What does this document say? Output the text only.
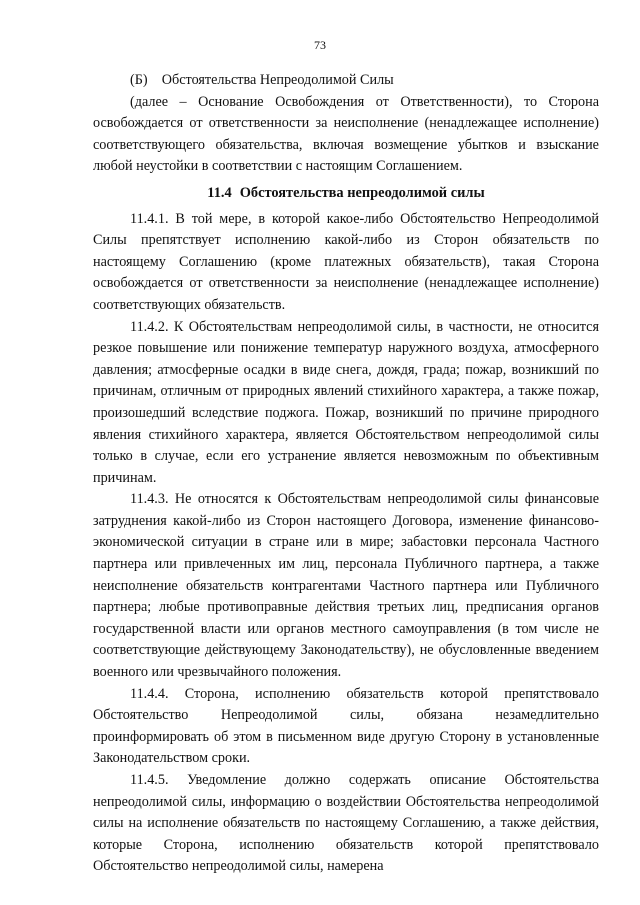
73

(Б) Обстоятельства Непреодолимой Силы

(далее – Основание Освобождения от Ответственности), то Сторона освобождается от ответственности за неисполнение (ненадлежащее исполнение) соответствующего обязательства, включая возмещение убытков и взыскание любой неустойки в соответствии с настоящим Соглашением.

11.4 Обстоятельства непреодолимой силы

11.4.1. В той мере, в которой какое-либо Обстоятельство Непреодолимой Силы препятствует исполнению какой-либо из Сторон обязательств по настоящему Соглашению (кроме платежных обязательств), такая Сторона освобождается от ответственности за неисполнение (ненадлежащее исполнение) соответствующих обязательств.

11.4.2. К Обстоятельствам непреодолимой силы, в частности, не относится резкое повышение или понижение температур наружного воздуха, атмосферного давления; атмосферные осадки в виде снега, дождя, града; пожар, возникший по причинам, отличным от природных явлений стихийного характера, а также пожар, произошедший вследствие поджога. Пожар, возникший по причине природного явления стихийного характера, является Обстоятельством непреодолимой силы только в случае, если его устранение является невозможным по объективным причинам.

11.4.3. Не относятся к Обстоятельствам непреодолимой силы финансовые затруднения какой-либо из Сторон настоящего Договора, изменение финансово-экономической ситуации в стране или в мире; забастовки персонала Частного партнера или привлеченных им лиц, персонала Публичного партнера, а также неисполнение обязательств контрагентами Частного партнера или Публичного партнера; любые противоправные действия третьих лиц, предписания органов государственной власти или органов местного самоуправления (в том числе не соответствующие действующему Законодательству), не обусловленные введением военного или чрезвычайного положения.

11.4.4. Сторона, исполнению обязательств которой препятствовало Обстоятельство Непреодолимой силы, обязана незамедлительно проинформировать об этом в письменном виде другую Сторону в установленные Законодательством сроки.

11.4.5. Уведомление должно содержать описание Обстоятельства непреодолимой силы, информацию о воздействии Обстоятельства непреодолимой силы на исполнение обязательств по настоящему Соглашению, а также действия, которые Сторона, исполнению обязательств которой препятствовало Обстоятельство непреодолимой силы, намерена
